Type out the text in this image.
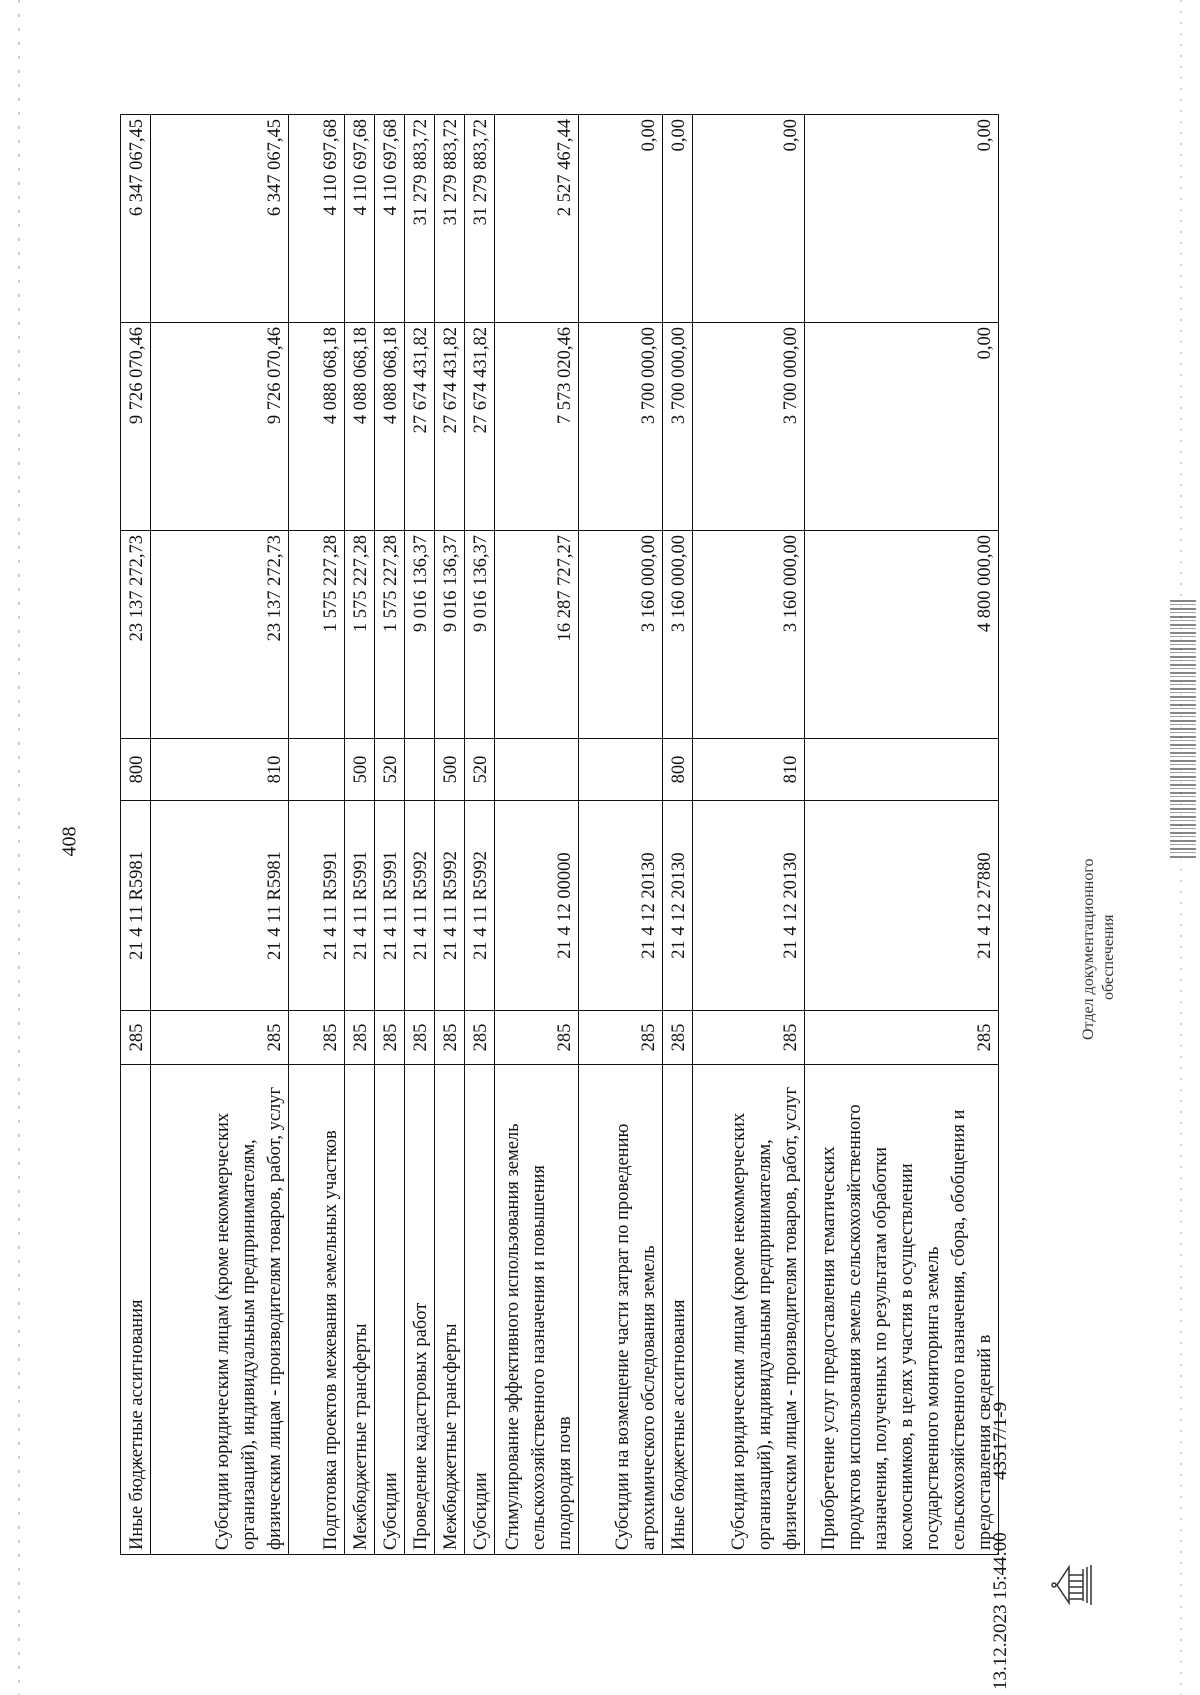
408
Иные бюджетные ассигнования	285	21 4 11 R5981	800	23 137 272,73	9 726 070,46	6 347 067,45
Субсидии юридическим лицам (кроме некоммерческих организаций), индивидуальным предпринимателям, физическим лицам - производителям товаров, работ, услуг	285	21 4 11 R5981	810	23 137 272,73	9 726 070,46	6 347 067,45
Подготовка проектов межевания земельных участков	285	21 4 11 R5991		1 575 227,28	4 088 068,18	4 110 697,68
Межбюджетные трансферты	285	21 4 11 R5991	500	1 575 227,28	4 088 068,18	4 110 697,68
Субсидии	285	21 4 11 R5991	520	1 575 227,28	4 088 068,18	4 110 697,68
Проведение кадастровых работ	285	21 4 11 R5992		9 016 136,37	27 674 431,82	31 279 883,72
Межбюджетные трансферты	285	21 4 11 R5992	500	9 016 136,37	27 674 431,82	31 279 883,72
Субсидии	285	21 4 11 R5992	520	9 016 136,37	27 674 431,82	31 279 883,72
Стимулирование эффективного использования земель сельскохозяйственного назначения и повышения плодородия почв	285	21 4 12 00000		16 287 727,27	7 573 020,46	2 527 467,44
Субсидии на возмещение части затрат по проведению агрохимического обследования земель	285	21 4 12 20130		3 160 000,00	3 700 000,00	0,00
Иные бюджетные ассигнования	285	21 4 12 20130	800	3 160 000,00	3 700 000,00	0,00
Субсидии юридическим лицам (кроме некоммерческих организаций), индивидуальным предпринимателям, физическим лицам - производителям товаров, работ, услуг	285	21 4 12 20130	810	3 160 000,00	3 700 000,00	0,00
Приобретение услуг предоставления тематических продуктов использования земель сельскохозяйственного назначения, полученных по результатам обработки космоснимков, в целях участия в осуществлении государственного мониторинга земель сельскохозяйственного назначения, сбора, обобщения и предоставления сведений в	285	21 4 12 27880		4 800 000,00	0,00	0,00
13.12.2023 15:44:00
43517/1-9
Отдел документационного обеспечения
